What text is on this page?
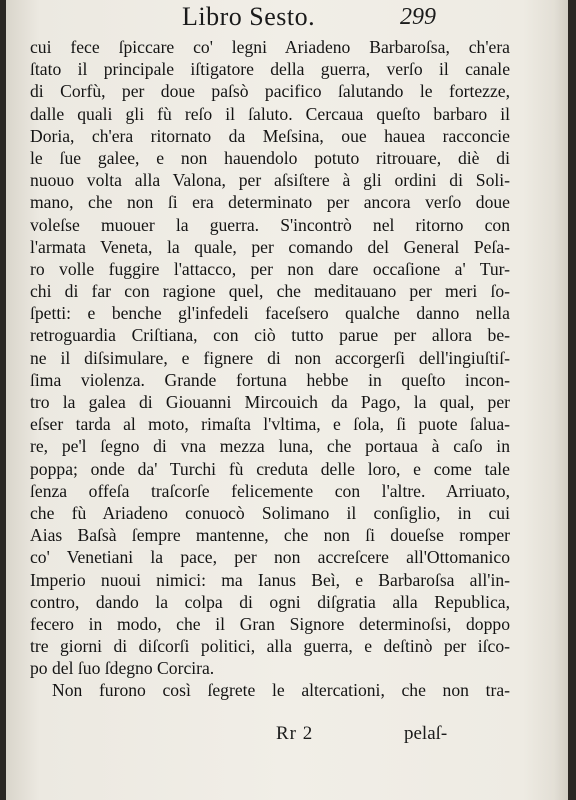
Libro Sesto.	299
cui fece ſpiccare co' legni Ariadeno Barbaroſsa, ch'era
ſtato il principale iſtigatore della guerra, verſo il canale
di Corfù, per doue paſsò pacifico ſalutando le fortezze,
dalle quali gli fù reſo il ſaluto. Cercaua queſto barbaro il
Doria, ch'era ritornato da Meſsina, oue hauea racconcie
le ſue galee, e non hauendolo potuto ritrouare, diè di
nuouo volta alla Valona, per aſsiſtere à gli ordini di Soli-
mano, che non ſi era determinato per ancora verſo doue
voleſse muouer la guerra. S'incontrò nel ritorno con
l'armata Veneta, la quale, per comando del General Peſa-
ro volle fuggire l'attacco, per non dare occaſione a' Tur-
chi di far con ragione quel, che meditauano per meri ſo-
ſpetti: e benche gl'infedeli faceſsero qualche danno nella
retroguardia Criſtiana, con ciò tutto parue per allora be-
ne il diſsimulare, e fignere di non accorgerſi dell'ingiuſtiſ-
ſima violenza. Grande fortuna hebbe in queſto incon-
tro la galea di Giouanni Mircouich da Pago, la qual, per
eſser tarda al moto, rimaſta l'vltima, e ſola, ſi puote ſalua-
re, pe'l ſegno di vna mezza luna, che portaua à caſo in
poppa; onde da' Turchi fù creduta delle loro, e come tale
ſenza offeſa traſcorſe felicemente con l'altre. Arriuato,
che fù Ariadeno conuocò Solimano il conſiglio, in cui
Aias Baſsà ſempre mantenne, che non ſi doueſse romper
co' Venetiani la pace, per non accreſcere all'Ottomanico
Imperio nuoui nimici: ma Ianus Beì, e Barbaroſsa all'in-
contro, dando la colpa di ogni diſgratia alla Republica,
fecero in modo, che il Gran Signore determinoſsi, doppo
tre giorni di diſcorſi politici, alla guerra, e deſtinò per iſco-
po del ſuo ſdegno Corcira.
Non furono così ſegrete le altercationi, che non tra-
Rr 2	pelaſ-
